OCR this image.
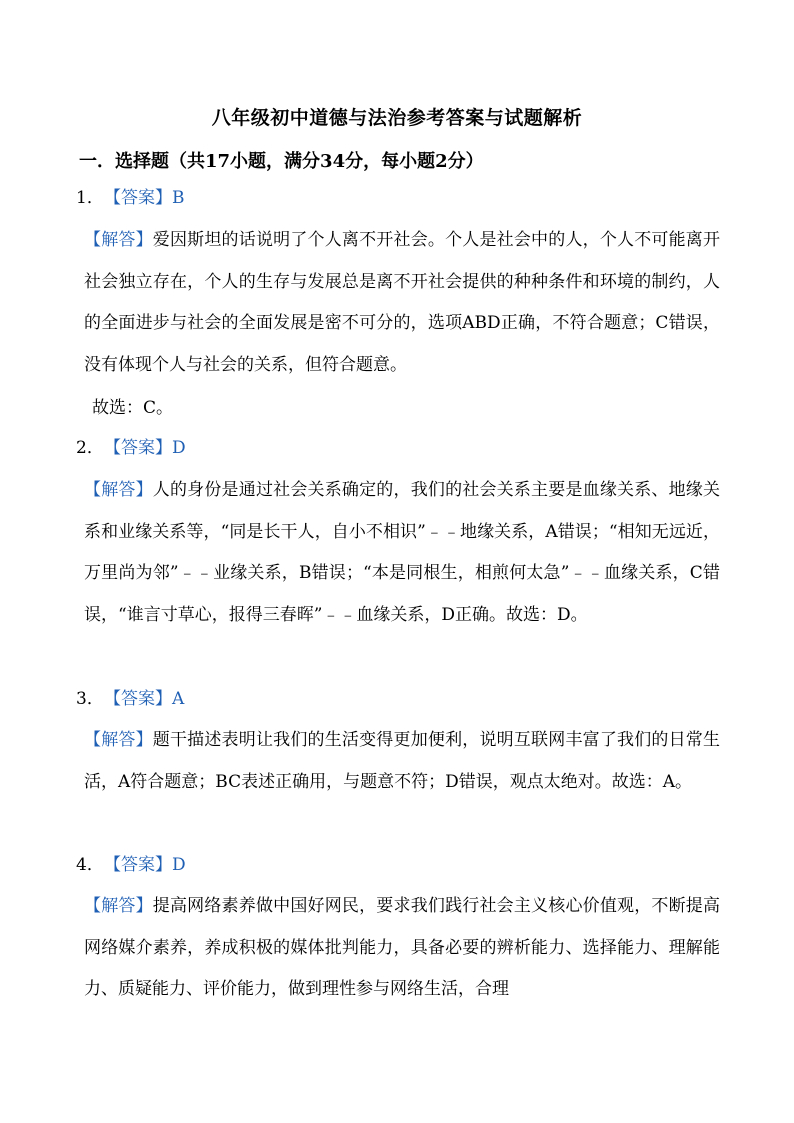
八年级初中道德与法治参考答案与试题解析
一．选择题（共17小题，满分34分，每小题2分）
1．【答案】B
【解答】爱因斯坦的话说明了个人离不开社会。个人是社会中的人，个人不可能离开社会独立存在，个人的生存与发展总是离不开社会提供的种种条件和环境的制约，人的全面进步与社会的全面发展是密不可分的，选项ABD正确，不符合题意；C错误，没有体现个人与社会的关系，但符合题意。
故选：C。
2．【答案】D
【解答】人的身份是通过社会关系确定的，我们的社会关系主要是血缘关系、地缘关系和业缘关系等，“同是长干人，自小不相识”﹣﹣地缘关系，A错误；“相知无远近，万里尚为邻”﹣﹣业缘关系，B错误；“本是同根生，相煎何太急”﹣﹣血缘关系，C错误，“谁言寸草心，报得三春晖”﹣﹣血缘关系，D正确。故选：D。
3．【答案】A
【解答】题干描述表明让我们的生活变得更加便利，说明互联网丰富了我们的日常生活，A符合题意；BC表述正确用，与题意不符；D错误，观点太绝对。故选：A。
4．【答案】D
【解答】提高网络素养做中国好网民，要求我们践行社会主义核心价值观，不断提高网络媒介素养，养成积极的媒体批判能力，具备必要的辨析能力、选择能力、理解能力、质疑能力、评价能力，做到理性参与网络生活，合理
